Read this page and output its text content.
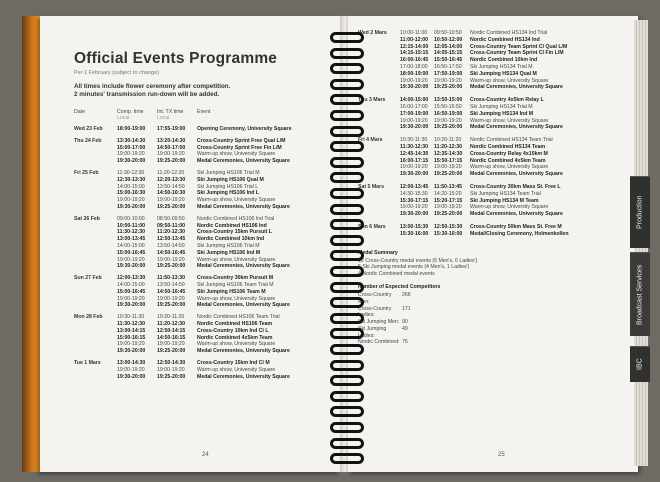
Official Events Programme
Per 1 February (subject to change)
All times include flower ceremony after competition.
2 minutes' transmission run-down will be added.
Date	Comp. time
Local
Int. TX time
Local
Event
Wed 23 Feb	18:00-19:00	17:55-19:00	Opening Ceremony, University Square
Thu 24 Feb	13:30-14:30	13:20-14:30	Cross-Country Sprint Free Qual L/M
15:00-17:00	14:50-17:00	Cross-Country Sprint Free Fin L/M
19:00-19:20	19:00-19:20	Warm-up show, University Square
19:30-20:00	19:25-20:00	Medal Ceremonies, University Square
Fri 25 Feb	11:30-12:30	11:20-12:20	Ski Jumping HS106 Trial M
12:30-13:30	12:20-13:30	Ski Jumping HS106 Qual M
14:00-15:00	13:50-14:50	Ski Jumping HS106 Trial L
15:00-16:30	14:50-16:30	Ski Jumping HS106 Ind L
19:00-19:20	19:00-19:20	Warm-up show, University Square
19:30-20:00	19:25-20:00	Medal Ceremonies, University Square
Sat 26 Feb	09:00-10:00	08:50-09:50	Nordic Combined HS106 Ind Trial
10:00-11:00	09:50-11:00	Nordic Combined HS106 Ind
11:30-12:30	11:20-12:30	Cross-Country 15km Pursuit L
13:00-13:45	12:50-13:45	Nordic Combined 10km Ind
14:00-15:00	13:50-14:50	Ski Jumping HS106 Trial M
15:00-16:45	14:50-16:45	Ski Jumping HS106 Ind M
19:00-19:20	19:00-19:20	Warm-up show, University Square
19:30-20:00	19:25-20:00	Medal Ceremonies, University Square
Sun 27 Feb	12:00-13:30	11:50-13:30	Cross-Country 30km Pursuit M
14:00-15:00	13:50-14:50	Ski Jumping HS106 Team Trial M
15:00-16:45	14:50-16:45	Ski Jumping HS106 Team M
19:00-19:20	19:00-19:20	Warm-up show, University Square
19:30-20:00	19:25-20:00	Medal Ceremonies, University Square
Mon 28 Feb	10:30-11:30	10:20-11:20	Nordic Combined HS106 Team Trial
11:30-12:30	11:20-12:30	Nordic Combined HS106 Team
13:00-14:15	12:50-14:15	Cross-Country 10km Ind Cl L
15:00-16:15	14:50-16:15	Nordic Combined 4x5km Team
19:00-19:20	19:00-19:20	Warm-up show, University Square
19:30-20:00	19:25-20:00	Medal Ceremonies, University Square
Tue 1 Mars	13:00-14:30	12:50-14:30	Cross-Country 15km Ind Cl M
19:00-19:20	19:00-19:20	Warm-up show, University Square
19:30-20:00	19:25-20:00	Medal Ceremonies, University Square
24
Wed 2 Mars	10:00-11:00	09:50-10:50	Nordic Combined HS134 Ind Trial
11:00-12:00	10:50-12:00	Nordic Combined HS134 Ind
12:15-14:00	12:05-14:00	Cross-Country Team Sprint Cl Qual L/M
14:15-15:15	14:05-15:15	Cross-Country Team Sprint Cl Fin L/M
16:00-16:45	15:50-16:45	Nordic Combined 10km Ind
17:00-18:00	16:50-17:50	Ski Jumping HS134 Trial M
18:00-19:00	17:50-19:00	Ski Jumping HS134 Qual M
19:00-19:20	19:00-19:20	Warm-up show, University Square
19:30-20:00	19:25-20:00	Medal Ceremonies, University Square
Thu 3 Mars	14:00-15:00	13:50-15:00	Cross-Country 4x5km Relay L
16:00-17:00	15:50-16:50	Ski Jumping HS134 Trial M
17:00-19:00	16:50-19:00	Ski Jumping HS134 Ind M
19:00-19:20	19:00-19:20	Warm-up show, University Square
19:30-20:00	19:25-20:00	Medal Ceremonies, University Square
Fri 4 Mars	10:30-11:30	10:20-11:20	Nordic Combined HS134 Team Trial
11:30-12:30	11:20-12:30	Nordic Combined HS134 Team
12:45-14:30	12:35-14:30	Cross-Country Relay 4x10km M
16:00-17:15	15:50-17:15	Nordic Combined 4x5km Team
19:00-19:20	19:00-19:20	Warm-up show, University Square
19:30-20:00	19:25-20:00	Medal Ceremonies, University Square
Sat 5 Mars	12:00-13:45	11:50-13:45	Cross-Country 30km Mass St. Free L
14:30-15:30	14:20-15:20	Ski Jumping HS134 Team Trial
15:30-17:15	15:20-17:15	Ski Jumping HS134 M Team
19:00-19:20	19:00-19:20	Warm-up show, University Square
19:30-20:00	19:25-20:00	Medal Ceremonies, University Square
Sun 6 Mars	13:00-15:30	12:50-15:30	Cross-Country 50km Mass St. Free M
15:30-16:00	15:30-16:00	Medal/Closing Ceremony, Holmenkollen
Medal Summary
12 Cross-Country medal events (6 Men's, 6 Ladies')
5 Ski Jumping medal events (4 Men's, 1 Ladies')
4 Nordic Combined medal events
Number of Expected Competitors
Cross-Country Men:
266
Cross-Country Ladies:
171
Ski Jumping Men: 90
Ski Jumping Ladies:
49
Nordic Combined: 75
25
Production
Broadcast Services
IBC
